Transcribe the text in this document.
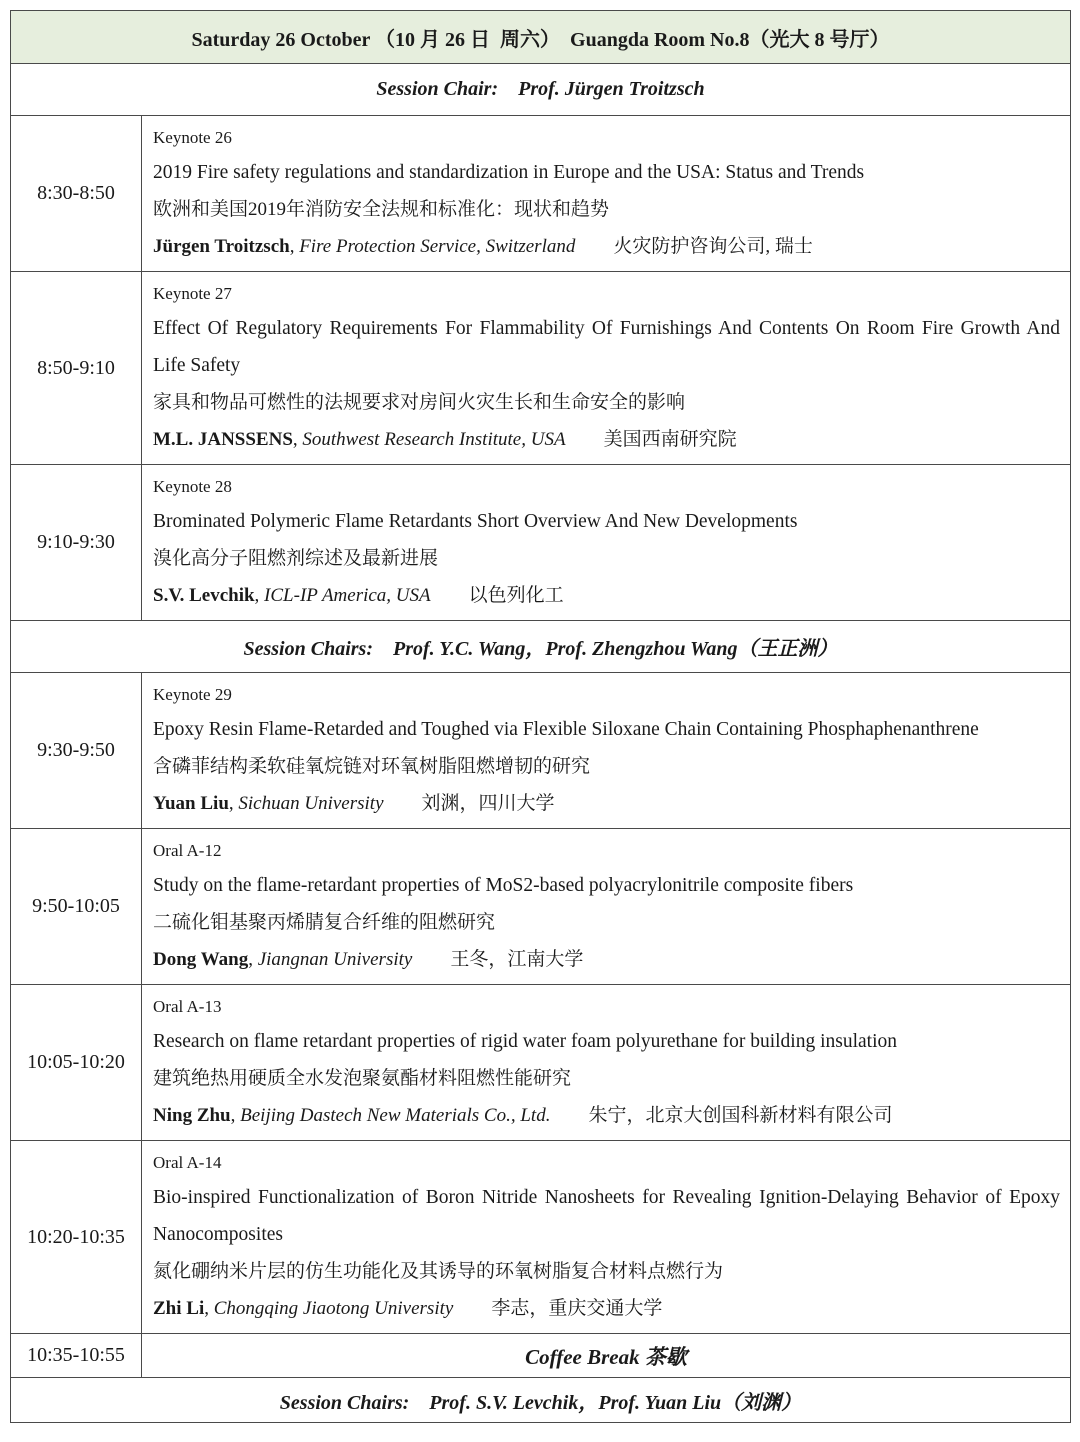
Saturday 26 October （10 月 26 日  周六）  Guangda Room No.8（光大 8 号厅）	
Session Chair:    Prof. Jürgen Troitzsch	
8:30-8:50	Keynote 26
2019 Fire safety regulations and standardization in Europe and the USA: Status and Trends
欧洲和美国2019年消防安全法规和标准化：现状和趋势
Jürgen Troitzsch, Fire Protection Service, Switzerland 火灾防护咨询公司, 瑞士

8:50-9:10	Keynote 27
Effect Of Regulatory Requirements For Flammability Of Furnishings And Contents On Room Fire Growth And Life Safety
家具和物品可燃性的法规要求对房间火灾生长和生命安全的影响
M.L. JANSSENS, Southwest Research Institute, USA 美国西南研究院

9:10-9:30	Keynote 28
Brominated Polymeric Flame Retardants Short Overview And New Developments
溴化高分子阻燃剂综述及最新进展
S.V. Levchik, ICL-IP America, USA 以色列化工

Session Chairs:    Prof. Y.C. Wang，Prof. Zhengzhou Wang（王正洲）	
9:30-9:50	Keynote 29
Epoxy Resin Flame-Retarded and Toughed via Flexible Siloxane Chain Containing Phosphaphenanthrene
含磷菲结构柔软硅氧烷链对环氧树脂阻燃增韧的研究
Yuan Liu, Sichuan University 刘渊，四川大学

9:50-10:05	Oral A-12
Study on the flame-retardant properties of MoS2-based polyacrylonitrile composite fibers
二硫化钼基聚丙烯腈复合纤维的阻燃研究
Dong Wang, Jiangnan University 王冬，江南大学

10:05-10:20	Oral A-13
Research on flame retardant properties of rigid water foam polyurethane for building insulation
建筑绝热用硬质全水发泡聚氨酯材料阻燃性能研究
Ning Zhu, Beijing Dastech New Materials Co., Ltd. 朱宁，北京大创国科新材料有限公司

10:20-10:35	Oral A-14
Bio-inspired Functionalization of Boron Nitride Nanosheets for Revealing Ignition-Delaying Behavior of Epoxy Nanocomposites
氮化硼纳米片层的仿生功能化及其诱导的环氧树脂复合材料点燃行为
Zhi Li, Chongqing Jiaotong University 李志，重庆交通大学

10:35-10:55	Coffee Break 茶歇
Session Chairs:    Prof. S.V. Levchik，Prof. Yuan Liu（刘渊）	
